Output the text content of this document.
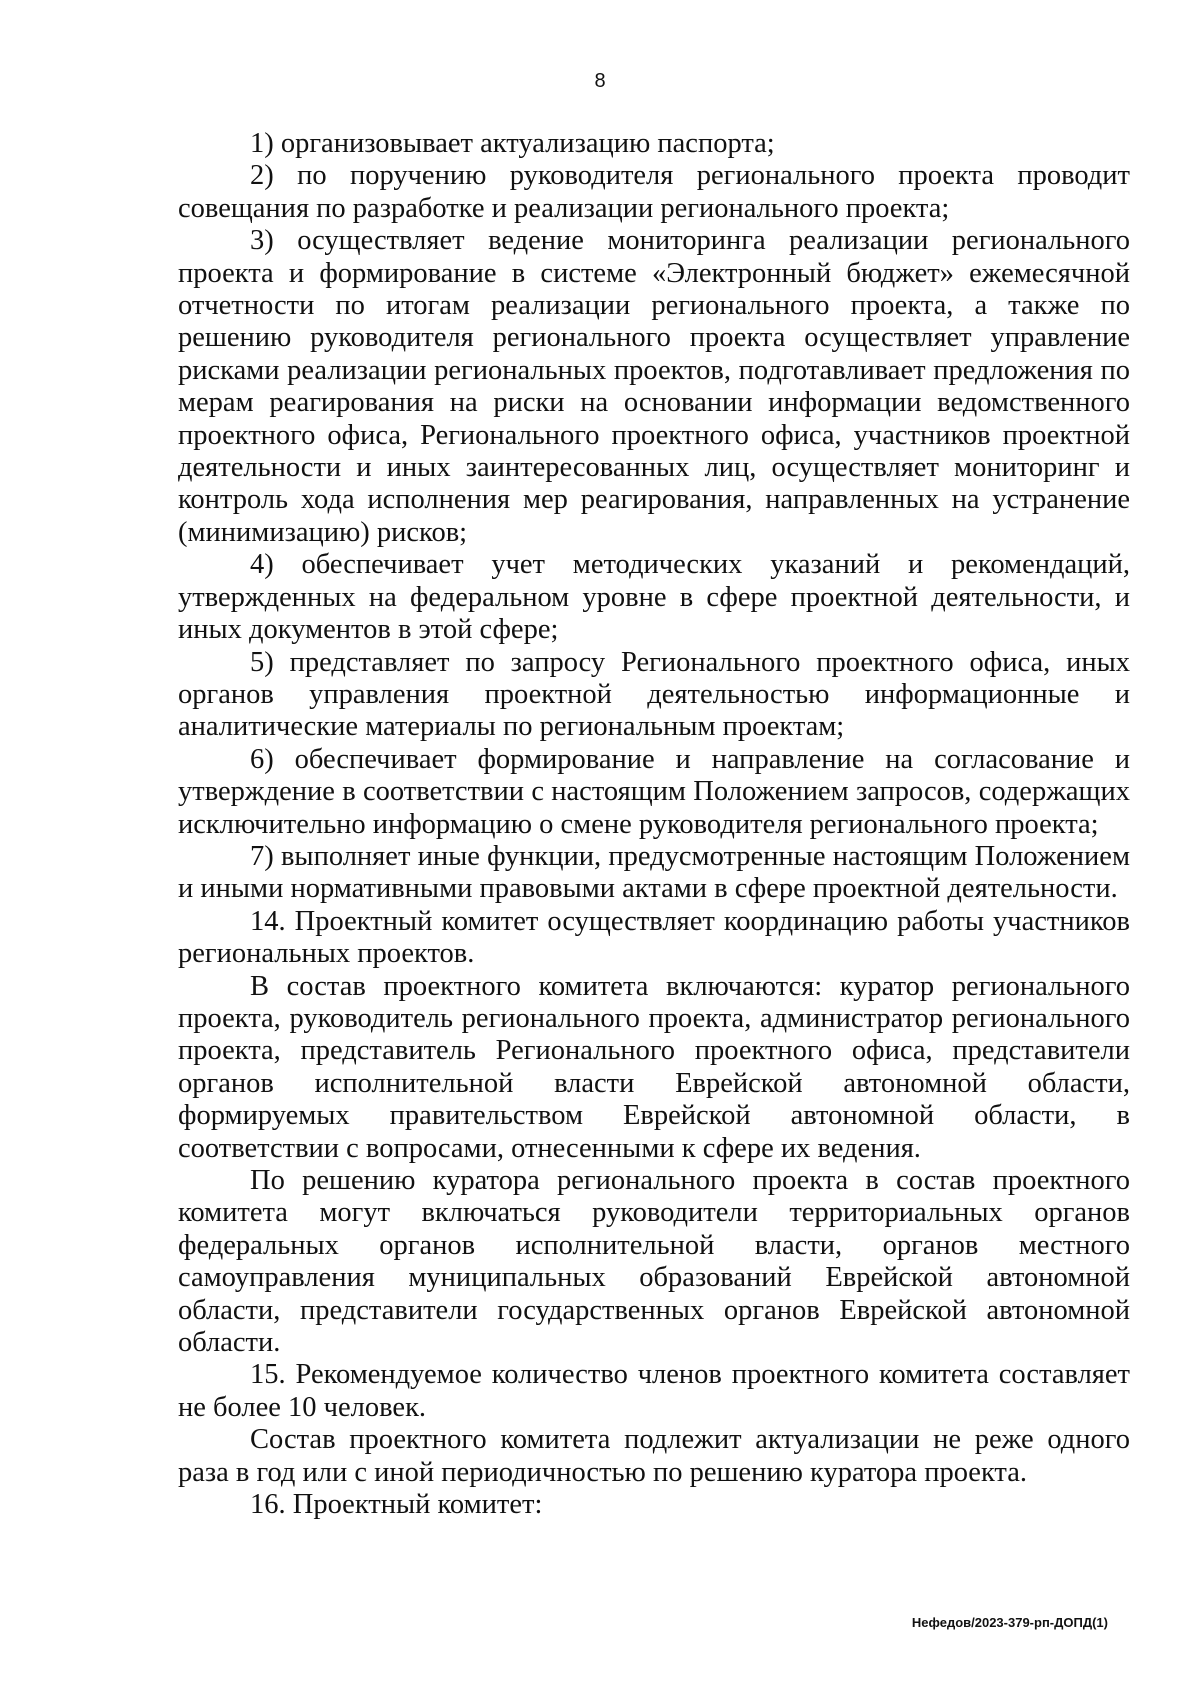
8

1) организовывает актуализацию паспорта;

2) по поручению руководителя регионального проекта проводит совещания по разработке и реализации регионального проекта;

3) осуществляет ведение мониторинга реализации регионального проекта и формирование в системе «Электронный бюджет» ежемесячной отчетности по итогам реализации регионального проекта, а также по решению руководителя регионального проекта осуществляет управление рисками реализации региональных проектов, подготавливает предложения по мерам реагирования на риски на основании информации ведомственного проектного офиса, Регионального проектного офиса, участников проектной деятельности и иных заинтересованных лиц, осуществляет мониторинг и контроль хода исполнения мер реагирования, направленных на устранение (минимизацию) рисков;

4) обеспечивает учет методических указаний и рекомендаций, утвержденных на федеральном уровне в сфере проектной деятельности, и иных документов в этой сфере;

5) представляет по запросу Регионального проектного офиса, иных органов управления проектной деятельностью информационные и аналитические материалы по региональным проектам;

6) обеспечивает формирование и направление на согласование и утверждение в соответствии с настоящим Положением запросов, содержащих исключительно информацию о смене руководителя регионального проекта;

7) выполняет иные функции, предусмотренные настоящим Положением и иными нормативными правовыми актами в сфере проектной деятельности.

14. Проектный комитет осуществляет координацию работы участников региональных проектов.

В состав проектного комитета включаются: куратор регионального проекта, руководитель регионального проекта, администратор регионального проекта, представитель Регионального проектного офиса, представители органов исполнительной власти Еврейской автономной области, формируемых правительством Еврейской автономной области, в соответствии с вопросами, отнесенными к сфере их ведения.

По решению куратора регионального проекта в состав проектного комитета могут включаться руководители территориальных органов федеральных органов исполнительной власти, органов местного самоуправления муниципальных образований Еврейской автономной области, представители государственных органов Еврейской автономной области.

15. Рекомендуемое количество членов проектного комитета составляет не более 10 человек.

Состав проектного комитета подлежит актуализации не реже одного раза в год или с иной периодичностью по решению куратора проекта.

16. Проектный комитет:

Нефедов/2023-379-рп-ДОПД(1)
